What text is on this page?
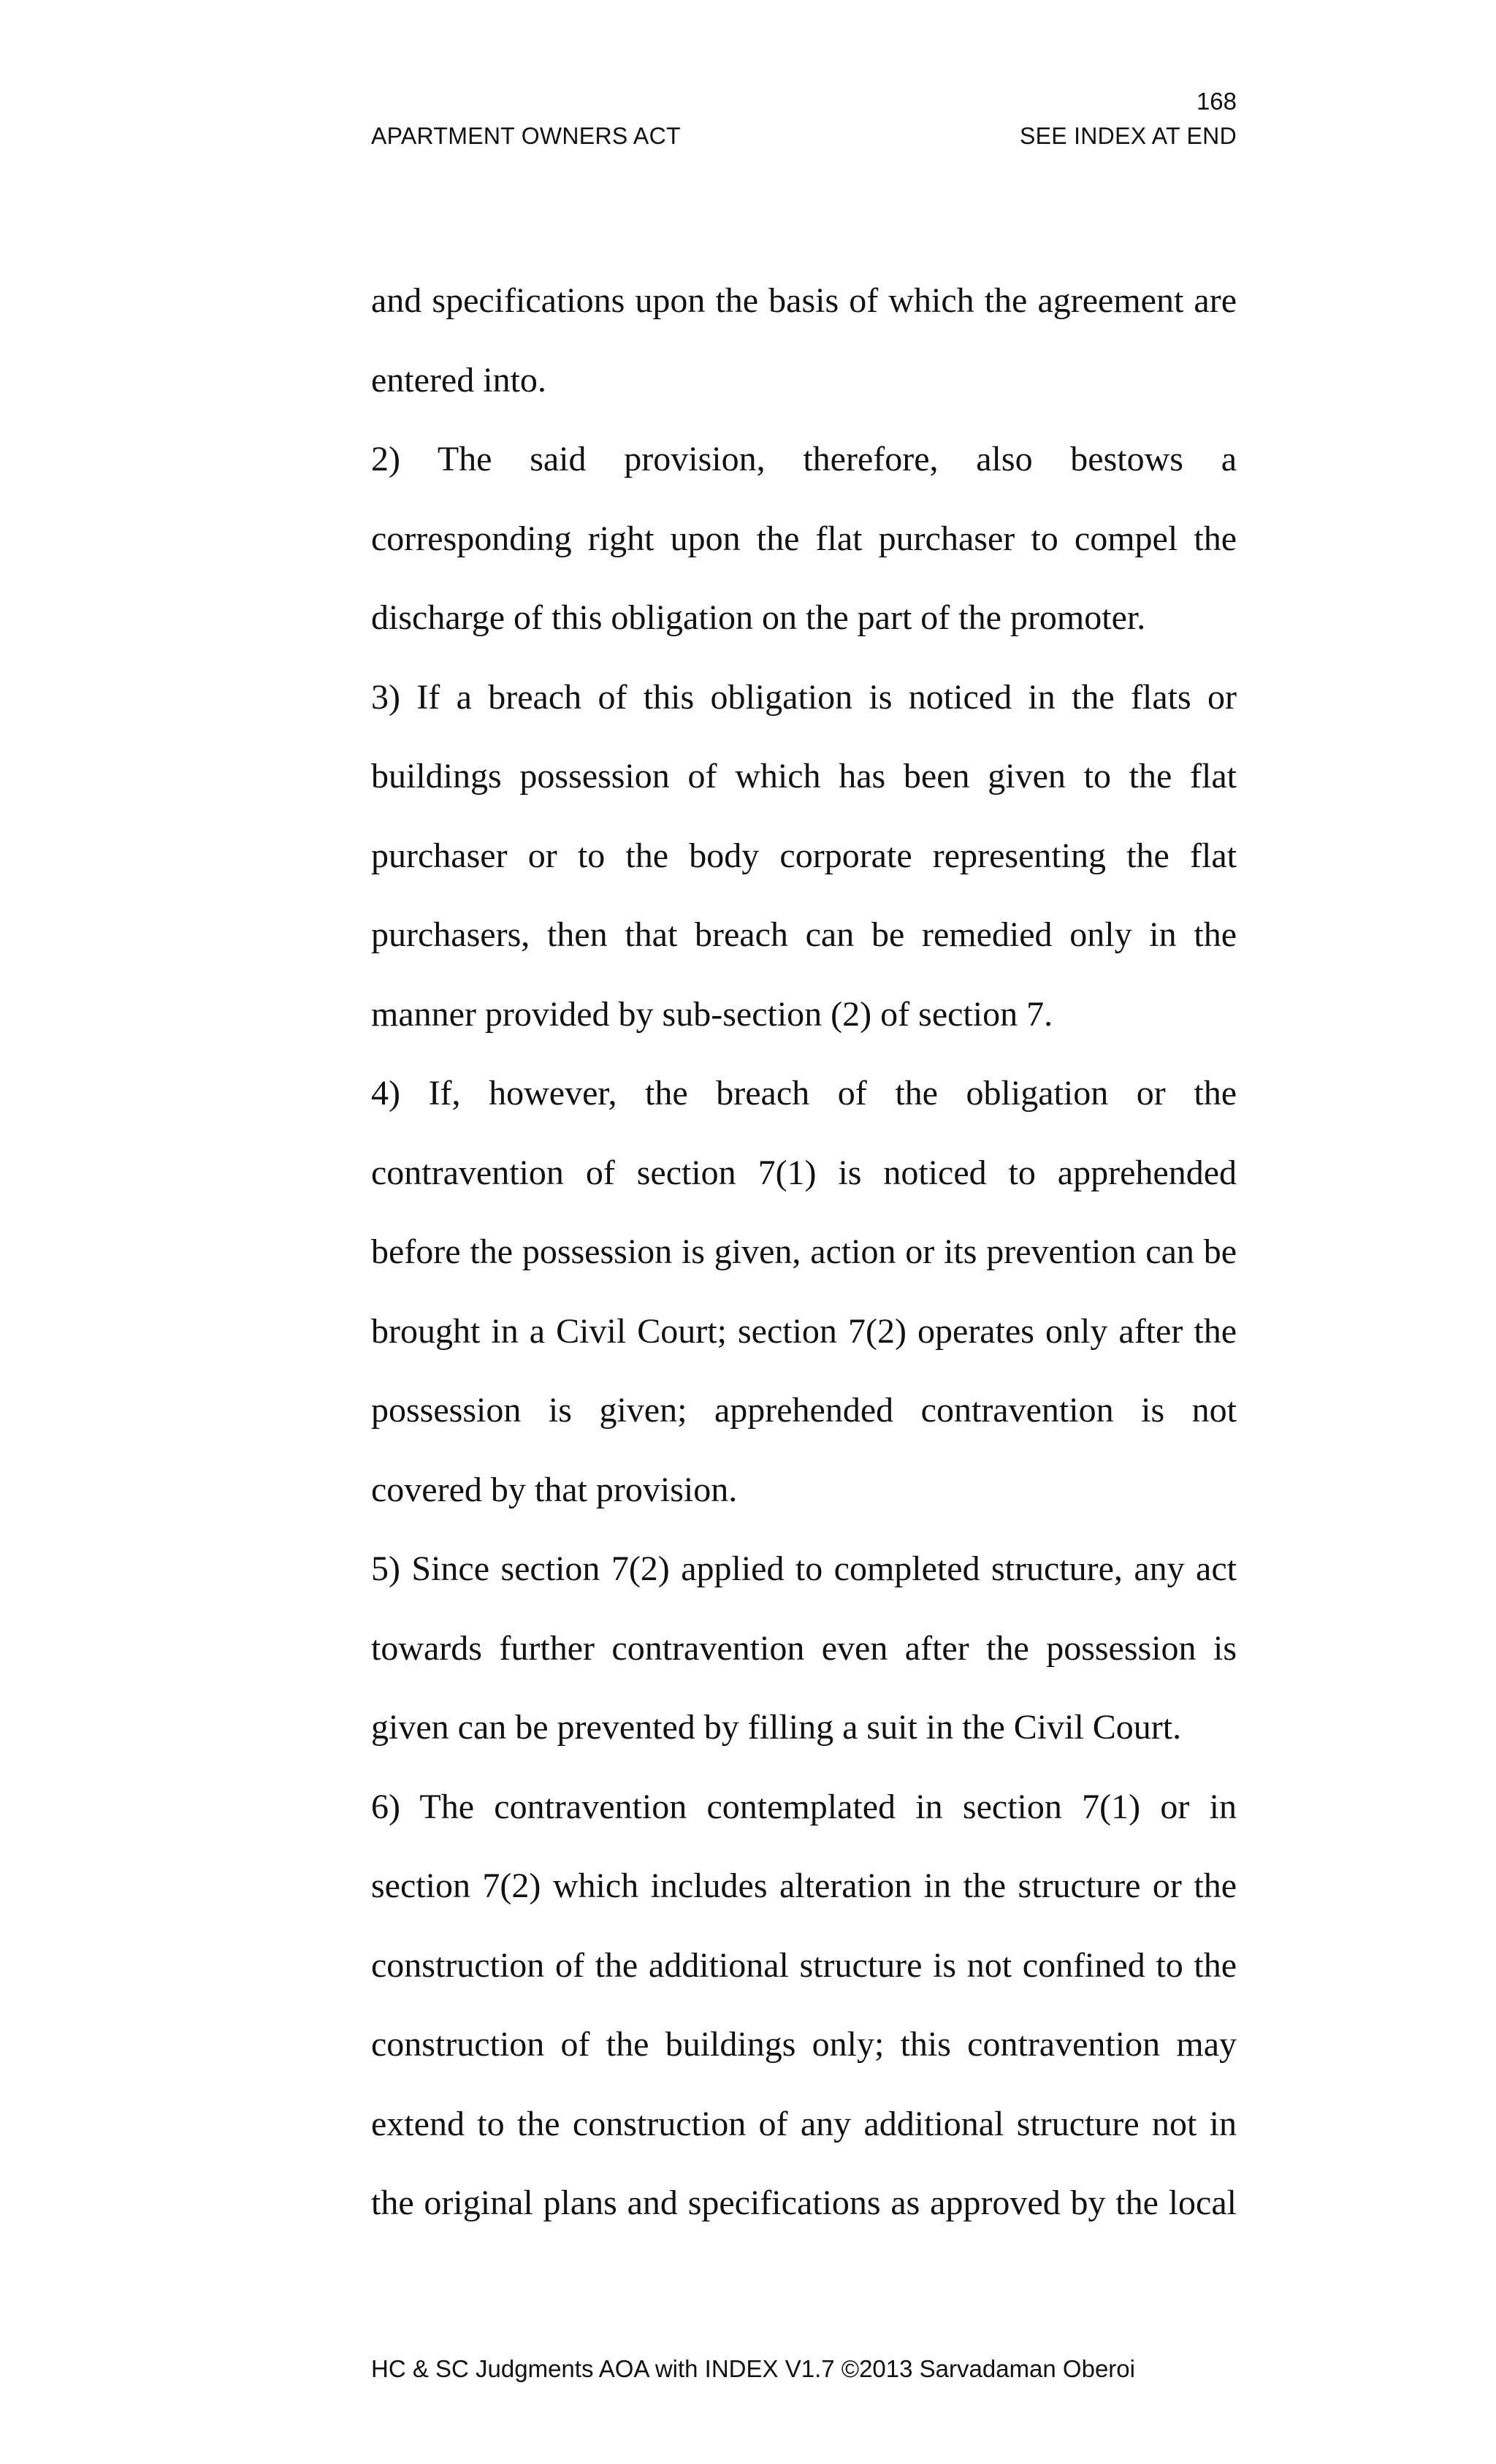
168
APARTMENT OWNERS ACT	SEE INDEX AT END

and specifications upon the basis of which the agreement are entered into.

2) The said provision, therefore, also bestows a corresponding right upon the flat purchaser to compel the discharge of this obligation on the part of the promoter.

3) If a breach of this obligation is noticed in the flats or buildings possession of which has been given to the flat purchaser or to the body corporate representing the flat purchasers, then that breach can be remedied only in the manner provided by sub-section (2) of section 7.

4) If, however, the breach of the obligation or the contravention of section 7(1) is noticed to apprehended before the possession is given, action or its prevention can be brought in a Civil Court; section 7(2) operates only after the possession is given; apprehended contravention is not covered by that provision.

5) Since section 7(2) applied to completed structure, any act towards further contravention even after the possession is given can be prevented by filling a suit in the Civil Court.

6) The contravention contemplated in section 7(1) or in section 7(2) which includes alteration in the structure or the construction of the additional structure is not confined to the construction of the buildings only; this contravention may extend to the construction of any additional structure not in the original plans and specifications as approved by the local

HC & SC Judgments AOA with INDEX V1.7 ©2013 Sarvadaman Oberoi
